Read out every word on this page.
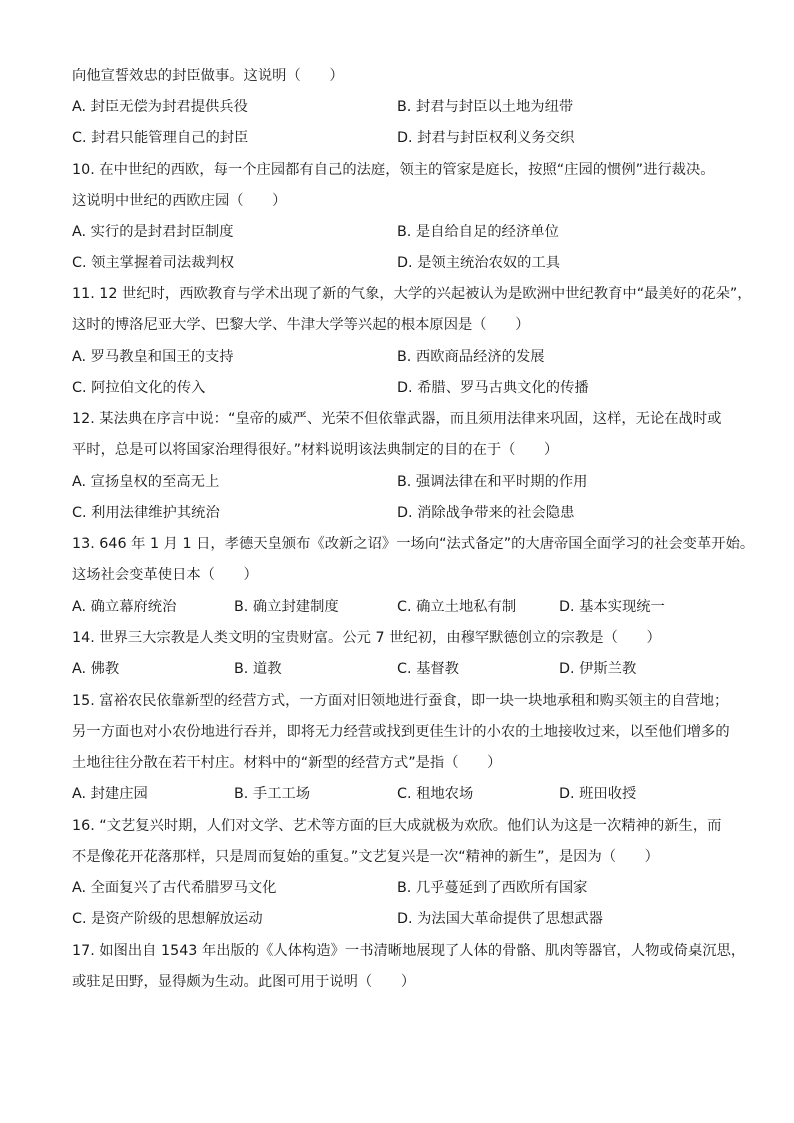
向他宣誓效忠的封臣做事。这说明（　　）
A. 封臣无偿为封君提供兵役	B. 封君与封臣以土地为纽带
C. 封君只能管理自己的封臣	D. 封君与封臣权利义务交织
10. 在中世纪的西欧，每一个庄园都有自己的法庭，领主的管家是庭长，按照“庄园的惯例”进行裁决。
这说明中世纪的西欧庄园（　　）
A. 实行的是封君封臣制度	B. 是自给自足的经济单位
C. 领主掌握着司法裁判权	D. 是领主统治农奴的工具
11. 12 世纪时，西欧教育与学术出现了新的气象，大学的兴起被认为是欧洲中世纪教育中“最美好的花朵”，
这时的博洛尼亚大学、巴黎大学、牛津大学等兴起的根本原因是（　　）
A. 罗马教皇和国王的支持	B. 西欧商品经济的发展
C. 阿拉伯文化的传入	D. 希腊、罗马古典文化的传播
12. 某法典在序言中说：“皇帝的威严、光荣不但依靠武器，而且须用法律来巩固，这样，无论在战时或
平时，总是可以将国家治理得很好。”材料说明该法典制定的目的在于（　　）
A. 宣扬皇权的至高无上	B. 强调法律在和平时期的作用
C. 利用法律维护其统治	D. 消除战争带来的社会隐患
13. 646 年 1 月 1 日，孝德天皇颁布《改新之诏》一场向“法式备定”的大唐帝国全面学习的社会变革开始。
这场社会变革使日本（　　）
A. 确立幕府统治	B. 确立封建制度	C. 确立土地私有制	D. 基本实现统一
14. 世界三大宗教是人类文明的宝贵财富。公元 7 世纪初，由穆罕默德创立的宗教是（　　）
A. 佛教	B. 道教	C. 基督教	D. 伊斯兰教
15. 富裕农民依靠新型的经营方式，一方面对旧领地进行蚕食，即一块一块地承租和购买领主的自营地；
另一方面也对小农份地进行吞并，即将无力经营或找到更佳生计的小农的土地接收过来，以至他们增多的
土地往往分散在若干村庄。材料中的“新型的经营方式”是指（　　）
A. 封建庄园	B. 手工工场	C. 租地农场	D. 班田收授
16. “文艺复兴时期，人们对文学、艺术等方面的巨大成就极为欢欣。他们认为这是一次精神的新生，而
不是像花开花落那样，只是周而复始的重复。”文艺复兴是一次“精神的新生”，是因为（　　）
A. 全面复兴了古代希腊罗马文化	B. 几乎蔓延到了西欧所有国家
C. 是资产阶级的思想解放运动	D. 为法国大革命提供了思想武器
17. 如图出自 1543 年出版的《人体构造》一书清晰地展现了人体的骨骼、肌肉等器官，人物或倚桌沉思，
或驻足田野，显得颇为生动。此图可用于说明（　　）
